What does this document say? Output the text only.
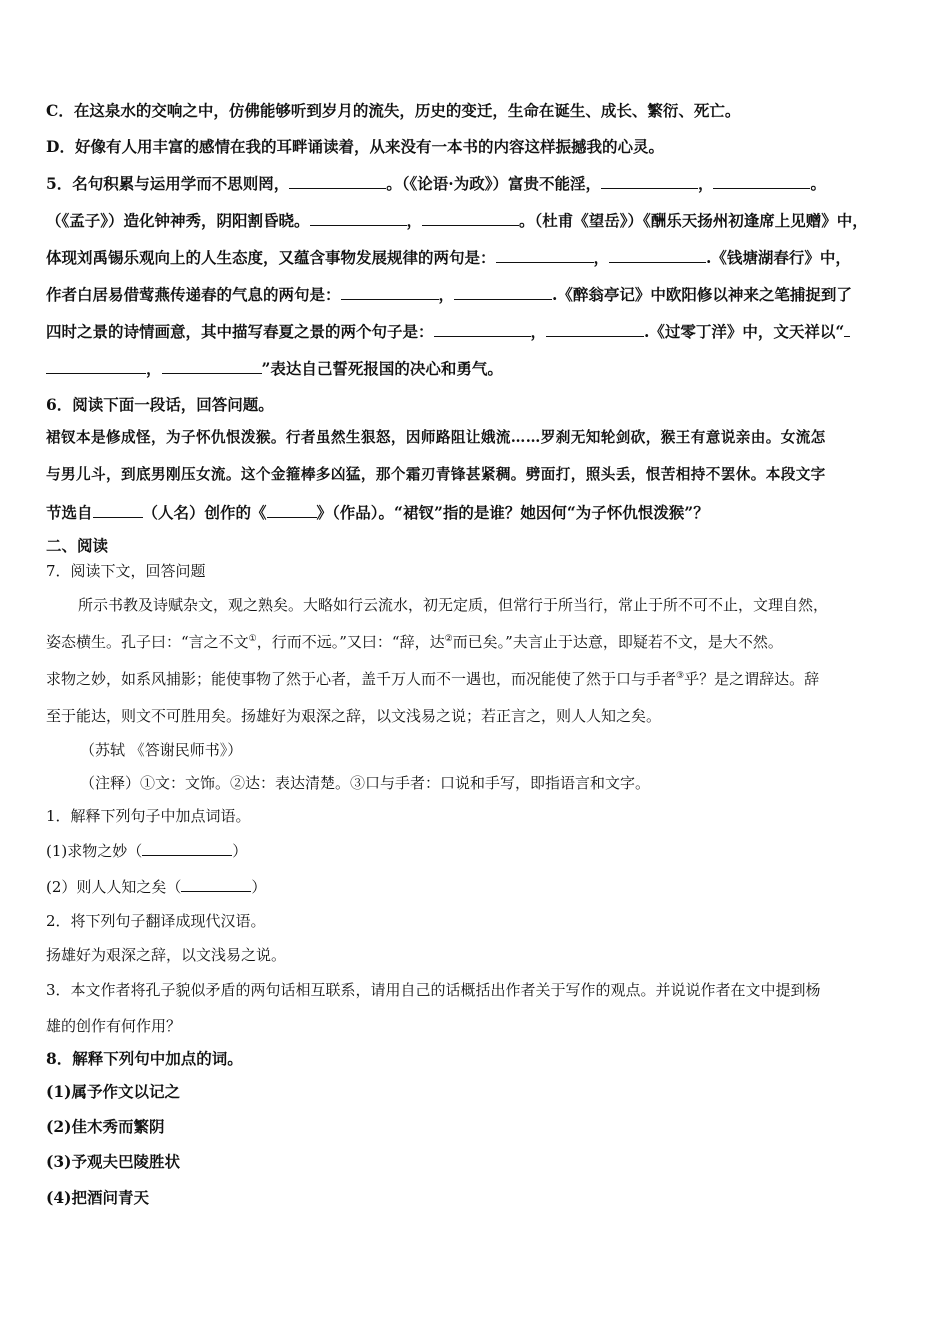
C．在这泉水的交响之中，仿佛能够听到岁月的流失，历史的变迁，生命在诞生、成长、繁衍、死亡。
D．好像有人用丰富的感情在我的耳畔诵读着，从来没有一本书的内容这样振撼我的心灵。
5．名句积累与运用学而不思则罔，	。（《论语·为政》）富贵不能淫，	，	。
（《孟子》）造化钟神秀，阴阳割昏晓。	，	。（杜甫《望岳》）《酬乐天扬州初逢席上见赠》中，
体现刘禹锡乐观向上的人生态度，又蕴含事物发展规律的两句是：	，	.《钱塘湖春行》中，
作者白居易借莺燕传递春的气息的两句是：	，	.《醉翁亭记》中欧阳修以神来之笔捕捉到了
四时之景的诗情画意，其中描写春夏之景的两个句子是：	，	.《过零丁洋》中，文天祥以“
，	”表达自己誓死报国的决心和勇气。
6．阅读下面一段话，回答问题。
裙钗本是修成怪，为子怀仇恨泼猴。行者虽然生狠怒，因师路阻让娥流……罗刹无知轮剑砍，猴王有意说亲由。女流怎
与男儿斗，到底男刚压女流。这个金箍棒多凶猛，那个霜刃青锋甚紧稠。劈面打，照头丢，恨苦相持不罢休。本段文字
节选自	（人名）创作的《	》（作品）。“裙钗”指的是谁？她因何“为子怀仇恨泼猴”？
二、阅读
7．阅读下文，回答问题
所示书教及诗赋杂文，观之熟矣。大略如行云流水，初无定质，但常行于所当行，常止于所不可不止，文理自然，
姿态横生。孔子曰：“言之不文①，行而不远。”又曰：“辞，达②而已矣。”夫言止于达意，即疑若不文，是大不然。
求物之妙，如系风捕影；能使事物了然于心者，盖千万人而不一遇也，而况能使了然于口与手者③乎？是之谓辞达。辞
至于能达，则文不可胜用矣。扬雄好为艰深之辞，以文浅易之说；若正言之，则人人知之矣。
（苏轼 《答谢民师书》）
（注释）①文：文饰。②达：表达清楚。③口与手者：口说和手写，即指语言和文字。
1．解释下列句子中加点词语。
(1)求物之妙（	）
(2）则人人知之矣（	）
2．将下列句子翻译成现代汉语。
扬雄好为艰深之辞，以文浅易之说。
3．本文作者将孔子貌似矛盾的两句话相互联系，请用自己的话概括出作者关于写作的观点。并说说作者在文中提到杨
雄的创作有何作用？
8．解释下列句中加点的词。
(1)属予作文以记之
(2)佳木秀而繁阴
(3)予观夫巴陵胜状
(4)把酒问青天
